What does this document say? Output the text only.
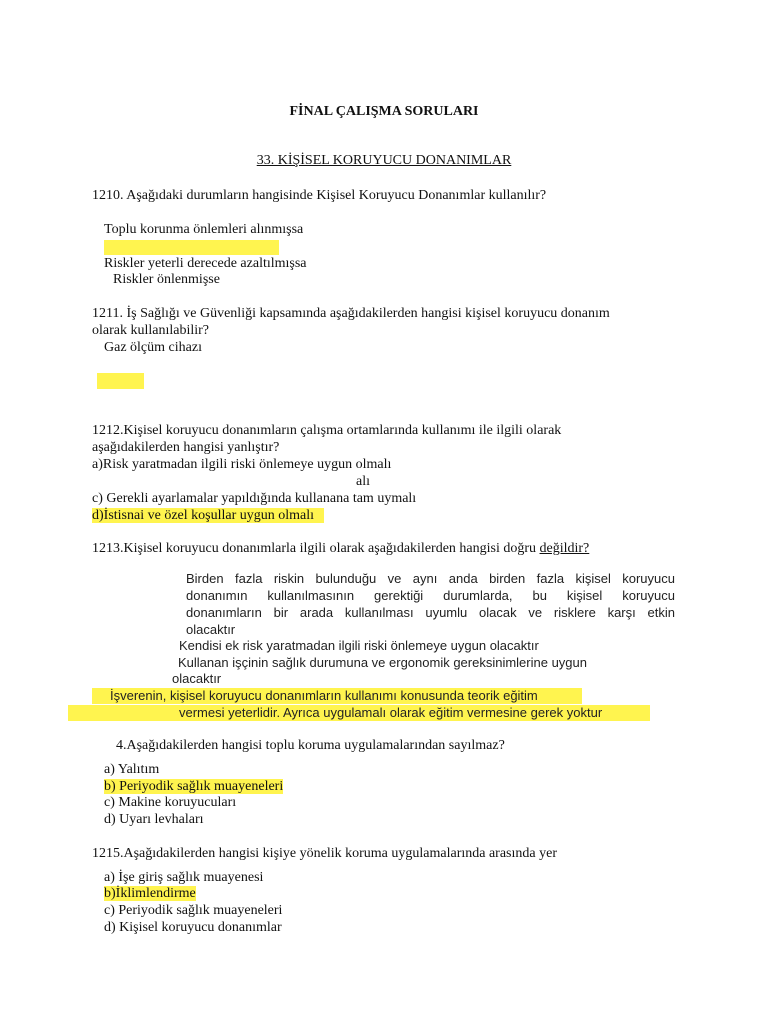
FİNAL ÇALIŞMA SORULARI
33. KİŞİSEL KORUYUCU DONANIMLAR
1210. Aşağıdaki durumların hangisinde Kişisel Koruyucu Donanımlar kullanılır?
Toplu korunma önlemleri alınmışsa
Riskler yeterli derecede azaltılmışsa
Riskler önlenmişse
1211. İş Sağlığı ve Güvenliği kapsamında aşağıdakilerden hangisi kişisel koruyucu donanım
olarak kullanılabilir?
Gaz ölçüm cihazı
1212.Kişisel koruyucu donanımların çalışma ortamlarında kullanımı ile ilgili olarak
aşağıdakilerden hangisi yanlıştır?
a)Risk yaratmadan ilgili riski önlemeye uygun olmalı
alı
c) Gerekli ayarlamalar yapıldığında kullanana tam uymalı
d)İstisnai ve özel koşullar uygun olmalı
1213.Kişisel koruyucu donanımlarla ilgili olarak aşağıdakilerden hangisi doğru değildir?
Birden fazla riskin bulunduğu ve aynı anda birden fazla kişisel koruyucu
donanımın kullanılmasının gerektiği durumlarda, bu kişisel koruyucu
donanımların bir arada kullanılması uyumlu olacak ve risklere karşı etkin
olacaktır
Kendisi ek risk yaratmadan ilgili riski önlemeye uygun olacaktır
Kullanan işçinin sağlık durumuna ve ergonomik gereksinimlerine uygun
olacaktır
İşverenin, kişisel koruyucu donanımların kullanımı konusunda teorik eğitim
vermesi yeterlidir. Ayrıca uygulamalı olarak eğitim vermesine gerek yoktur
4.Aşağıdakilerden hangisi toplu koruma uygulamalarından sayılmaz?
a) Yalıtım
b) Periyodik sağlık muayeneleri
c) Makine koruyucuları
d) Uyarı levhaları
1215.Aşağıdakilerden hangisi kişiye yönelik koruma uygulamalarında arasında yer
a) İşe giriş sağlık muayenesi
b)İklimlendirme
c) Periyodik sağlık muayeneleri
d) Kişisel koruyucu donanımlar
